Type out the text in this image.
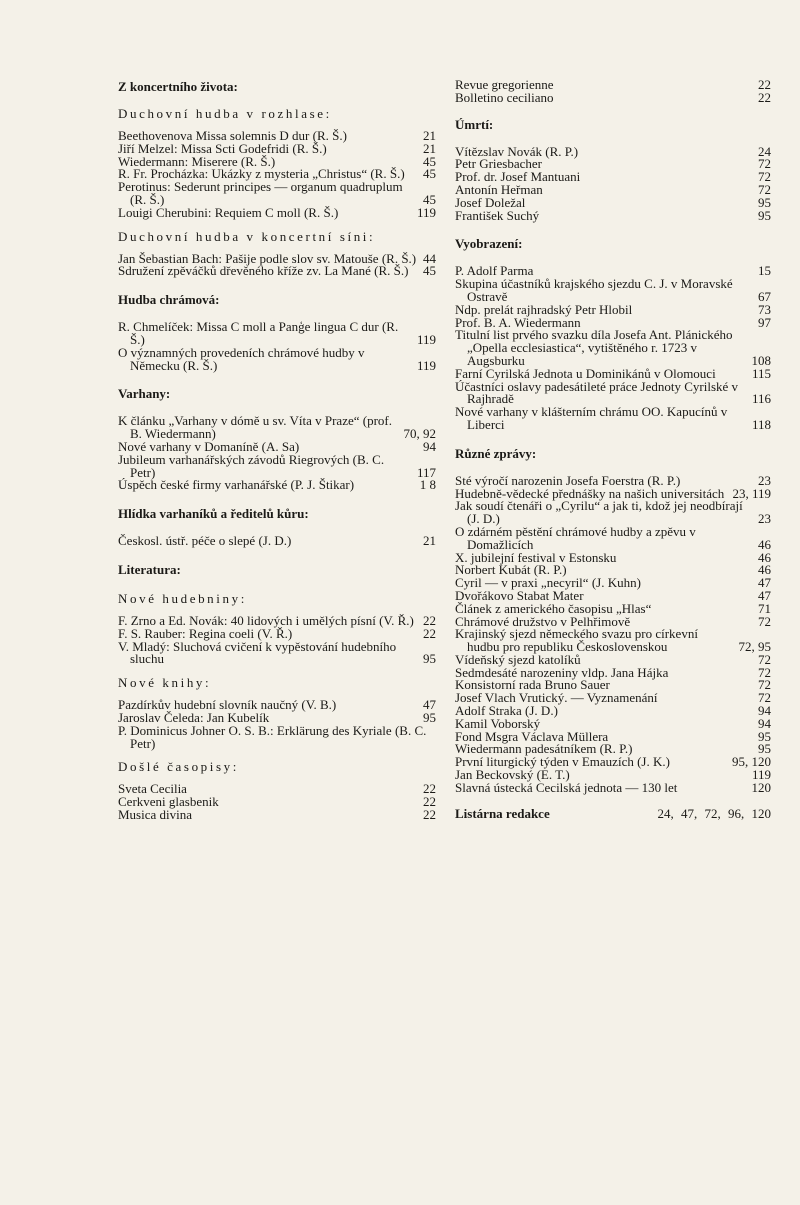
Z koncertního života:
Duchovní hudba v rozhlase:
Beethovenova Missa solemnis D dur (R. Š.)	21
Jiří Melzel: Missa Scti Godefridi (R. Š.)	21
Wiedermann: Miserere (R. Š.)	45
R. Fr. Procházka: Ukázky z mysteria „Christus“ (R. Š.)	45
Perotinus: Sederunt principes — organum quadruplum (R. Š.)	45
Louigi Cherubini: Requiem C moll (R. Š.)	119
Duchovní hudba v koncertní síni:
Jan Šebastian Bach: Pašije podle slov sv. Matouše (R. Š.) 44
Sdružení zpěváčků dřevěného kříže zv. La Mané (R. Š.)	45
Hudba chrámová:
R. Chmelíček: Missa C moll a Panģe lingua C dur (R. Š.)	119
O významných provedeních chrámové hudby v Německu (R. Š.)	119
Varhany:
K článku „Varhany v dómě u sv. Víta v Praze“ (prof. B. Wiedermann)	70, 92
Nové varhany v Domaníně (A. Sa)	94
Jubileum varhanářských závodů Riegrových (B. C. Petr)	117
Úspěch české firmy varhanářské (P. J. Štikar)	1 8
Hlídka varhaníků a ředitelů kůru:
Českosl. ústř. péče o slepé (J. D.)	21
Literatura:
Nové hudebniny:
F. Zrno a Ed. Novák: 40 lidových i umělých písní (V. Ř.) 22
F. S. Rauber: Regina coeli (V. Ř.)	22
V. Mladý: Sluchová cvičení k vypěstování hudebního sluchu	95
Nové knihy:
Pazdírkův hudební slovník naučný (V. B.)	47
Jaroslav Čeleda: Jan Kubelík	95
P. Dominicus Johner O. S. B.: Erklärung des Kyriale (B. C. Petr)
Došlé časopisy:
Sveta Cecilia	22
Cerkveni glasbenik	22
Musica divina	22
Revue gregorienne	22
Bolletino ceciliano	22
Úmrtí:
Vítězslav Novák (R. P.)	24
Petr Griesbacher	72
Prof. dr. Josef Mantuani	72
Antonín Heřman	72
Josef Doležal	95
František Suchý	95
Vyobrazení:
P. Adolf Parma	15
Skupina účastníků krajského sjezdu C. J. v Moravské Ostravě	67
Ndp. prelát rajhradský Petr Hlobil	73
Prof. B. A. Wiedermann	97
Titulní list prvého svazku díla Josefa Ant. Plánického „Opella ecclesiastica“, vytištěného r. 1723 v Augsburku	108
Farní Cyrilská Jednota u Dominikánů v Olomouci	115
Účastníci oslavy padesátileté práce Jednoty Cyrilské v Rajhradě	116
Nové varhany v klášterním chrámu OO. Kapucínů v Liberci	118
Různé zprávy:
Sté výročí narozenin Josefa Foerstra (R. P.)	23
Hudebně-vědecké přednášky na našich universitách 23, 119
Jak soudí čtenáři o „Cyrilu“ a jak ti, kdož jej neodbírají (J. D.)	23
O zdárném pěstění chrámové hudby a zpěvu v Domažlicích	46
X. jubilejní festival v Estonsku	46
Norbert Kubát (R. P.)	46
Cyril — v praxi „necyril“ (J. Kuhn)	47
Dvořákovo Stabat Mater	47
Článek z amerického časopisu „Hlas“	71
Chrámové družstvo v Pelhřimově	72
Krajinský sjezd německého svazu pro církevní hudbu pro republiku Československou	72, 95
Vídeňský sjezd katolíků	72
Sedmdesáté narozeniny vldp. Jana Hájka	72
Konsistorní rada Bruno Sauer	72
Josef Vlach Vrutický. — Vyznamenání	72
Adolf Straka (J. D.)	94
Kamil Voborský	94
Fond Msgra Václava Müllera	95
Wiedermann padesátníkem (R. P.)	95
První liturgický týden v Emauzích (J. K.)	95, 120
Jan Beckovský (E. T.)	119
Slavná ústecká Cecilská jednota — 130 let	120
Listárna redakce	24, 47, 72, 96, 120
